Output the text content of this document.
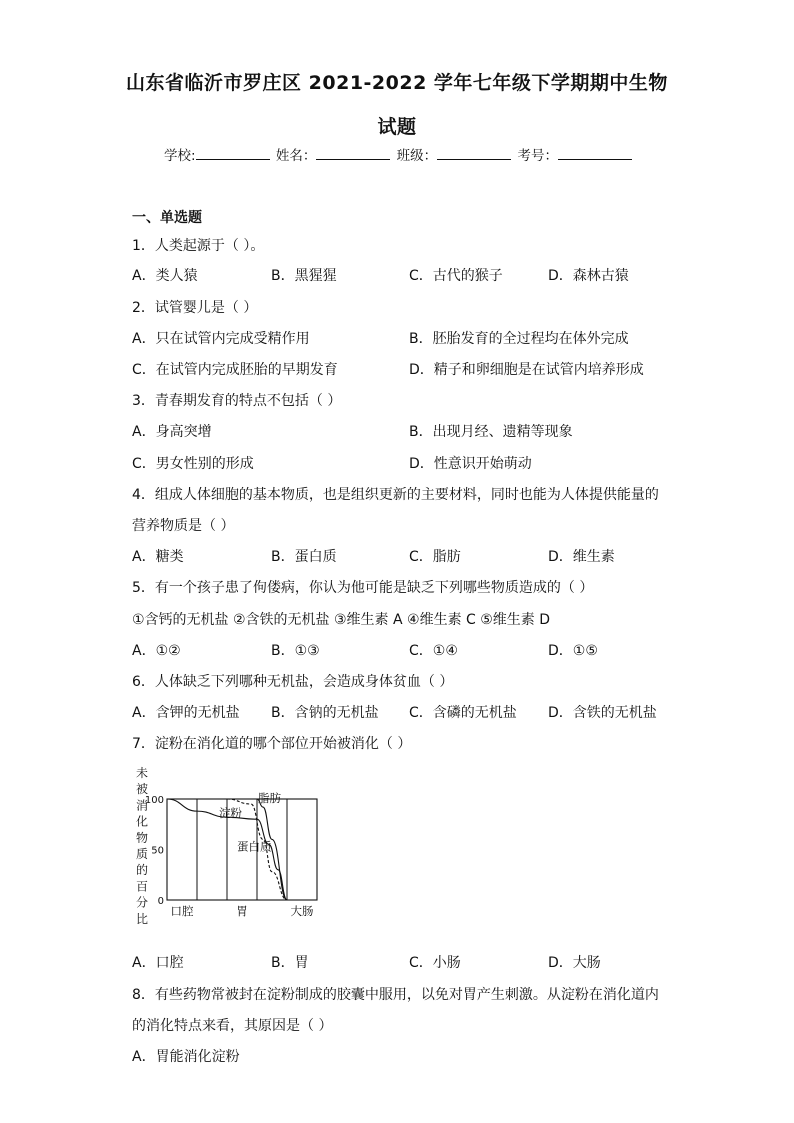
山东省临沂市罗庄区 2021-2022 学年七年级下学期期中生物
试题
学校:	姓名：	班级：	考号：
一、单选题
1．人类起源于（ ）。
A．类人猿	B．黑猩猩	C．古代的猴子	D．森林古猿
2．试管婴儿是（ ）
A．只在试管内完成受精作用	B．胚胎发育的全过程均在体外完成
C．在试管内完成胚胎的早期发育	D．精子和卵细胞是在试管内培养形成
3．青春期发育的特点不包括（ ）
A．身高突增	B．出现月经、遗精等现象
C．男女性别的形成	D．性意识开始萌动
4．组成人体细胞的基本物质，也是组织更新的主要材料，同时也能为人体提供能量的
营养物质是（ ）
A．糖类	B．蛋白质	C．脂肪	D．维生素
5．有一个孩子患了佝偻病，你认为他可能是缺乏下列哪些物质造成的（ ）
①含钙的无机盐 ②含铁的无机盐 ③维生素 A ④维生素 C ⑤维生素 D
A．①②	B．①③	C．①④	D．①⑤
6．人体缺乏下列哪种无机盐，会造成身体贫血（ ）
A．含钾的无机盐 B．含钠的无机盐 C．含磷的无机盐 D．含铁的无机盐
7．淀粉在消化道的哪个部位开始被消化（ ）
未
被
消
化
物
质
的
百
分
比
100
50
0
口腔	胃	大肠
淀粉
蛋白质
脂肪
A．口腔	B．胃	C．小肠	D．大肠
8．有些药物常被封在淀粉制成的胶囊中服用，以免对胃产生刺激。从淀粉在消化道内
的消化特点来看，其原因是（ ）
A．胃能消化淀粉
